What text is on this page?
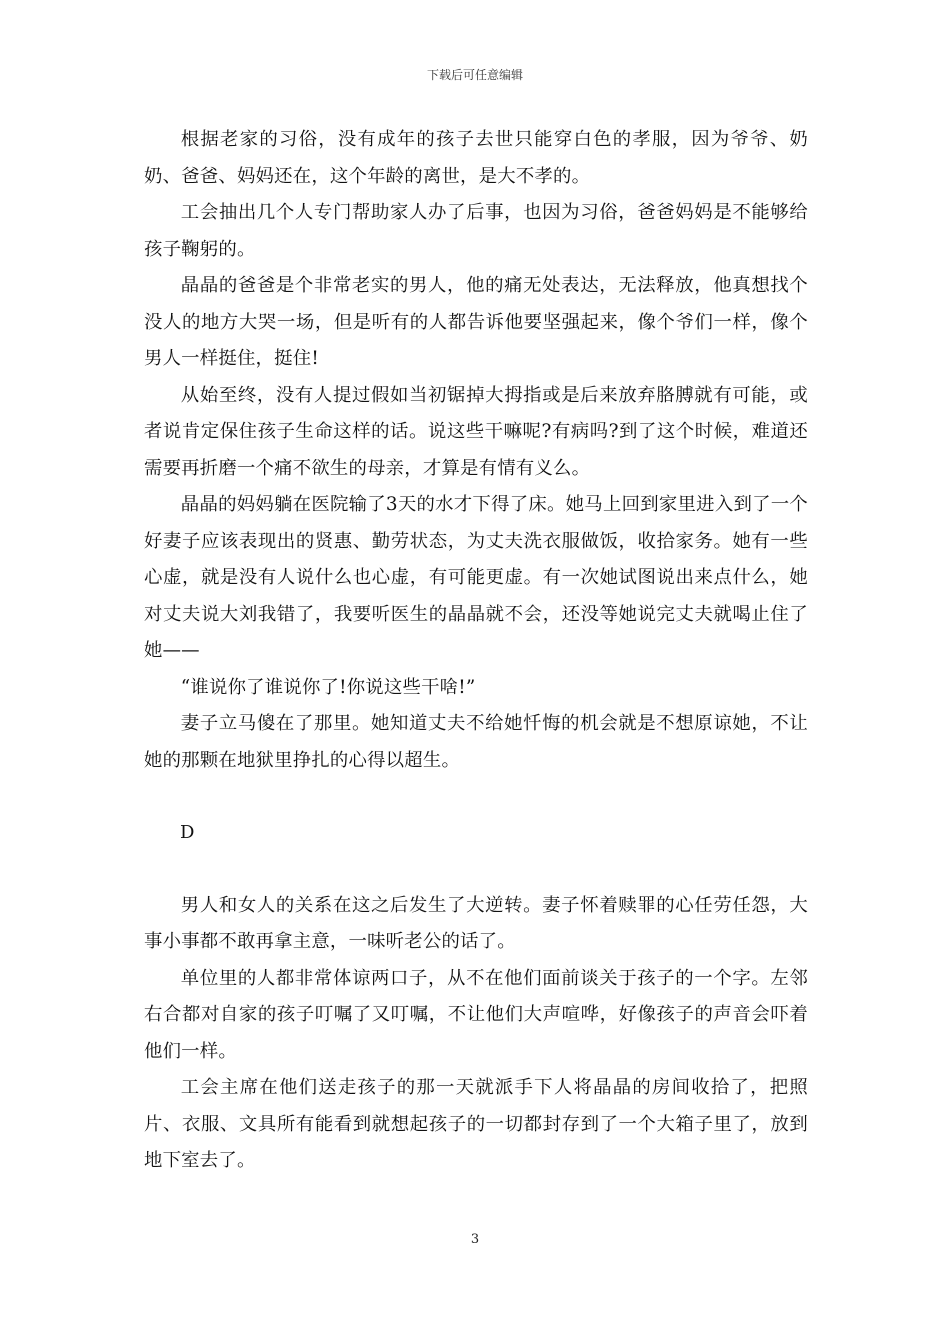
下载后可任意编辑

根据老家的习俗，没有成年的孩子去世只能穿白色的孝服，因为爷爷、奶奶、爸爸、妈妈还在，这个年龄的离世，是大不孝的。

工会抽出几个人专门帮助家人办了后事，也因为习俗，爸爸妈妈是不能够给孩子鞠躬的。

晶晶的爸爸是个非常老实的男人，他的痛无处表达，无法释放，他真想找个没人的地方大哭一场，但是听有的人都告诉他要坚强起来，像个爷们一样，像个男人一样挺住，挺住!

从始至终，没有人提过假如当初锯掉大拇指或是后来放弃胳膊就有可能，或者说肯定保住孩子生命这样的话。说这些干嘛呢?有病吗?到了这个时候，难道还需要再折磨一个痛不欲生的母亲，才算是有情有义么。

晶晶的妈妈躺在医院输了3天的水才下得了床。她马上回到家里进入到了一个好妻子应该表现出的贤惠、勤劳状态，为丈夫洗衣服做饭，收拾家务。她有一些心虚，就是没有人说什么也心虚，有可能更虚。有一次她试图说出来点什么，她对丈夫说大刘我错了，我要听医生的晶晶就不会，还没等她说完丈夫就喝止住了她——

“谁说你了谁说你了!你说这些干啥!”

妻子立马傻在了那里。她知道丈夫不给她忏悔的机会就是不想原谅她，不让她的那颗在地狱里挣扎的心得以超生。

D

男人和女人的关系在这之后发生了大逆转。妻子怀着赎罪的心任劳任怨，大事小事都不敢再拿主意，一味听老公的话了。

单位里的人都非常体谅两口子，从不在他们面前谈关于孩子的一个字。左邻右合都对自家的孩子叮嘱了又叮嘱，不让他们大声喧哗，好像孩子的声音会吓着他们一样。

工会主席在他们送走孩子的那一天就派手下人将晶晶的房间收拾了，把照片、衣服、文具所有能看到就想起孩子的一切都封存到了一个大箱子里了，放到地下室去了。

3
